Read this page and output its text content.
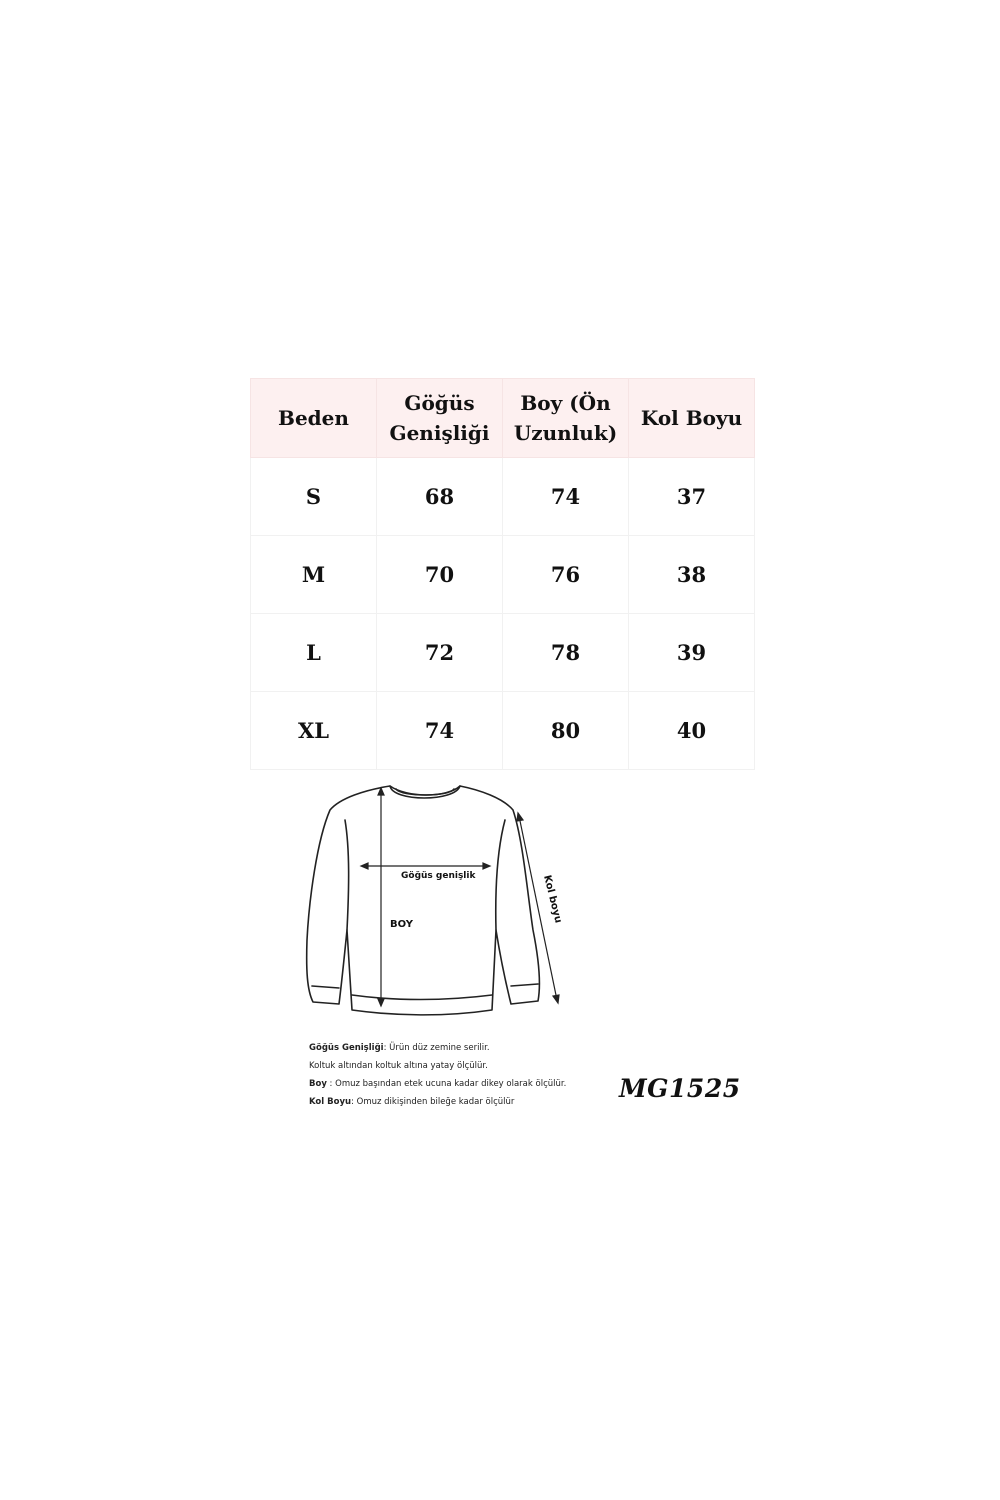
Beden	Göğüs Genişliği	Boy (Ön Uzunluk)	Kol Boyu
S	68	74	37
M	70	76	38
L	72	78	39
XL	74	80	40
Göğüs genişlik
BOY
Kol boyu

Göğüs Genişliği: Ürün düz zemine serilir.

Koltuk altından koltuk altına yatay ölçülür.

Boy : Omuz başından etek ucuna kadar dikey olarak ölçülür.

Kol Boyu: Omuz dikişinden bileğe kadar ölçülür	MG1525
